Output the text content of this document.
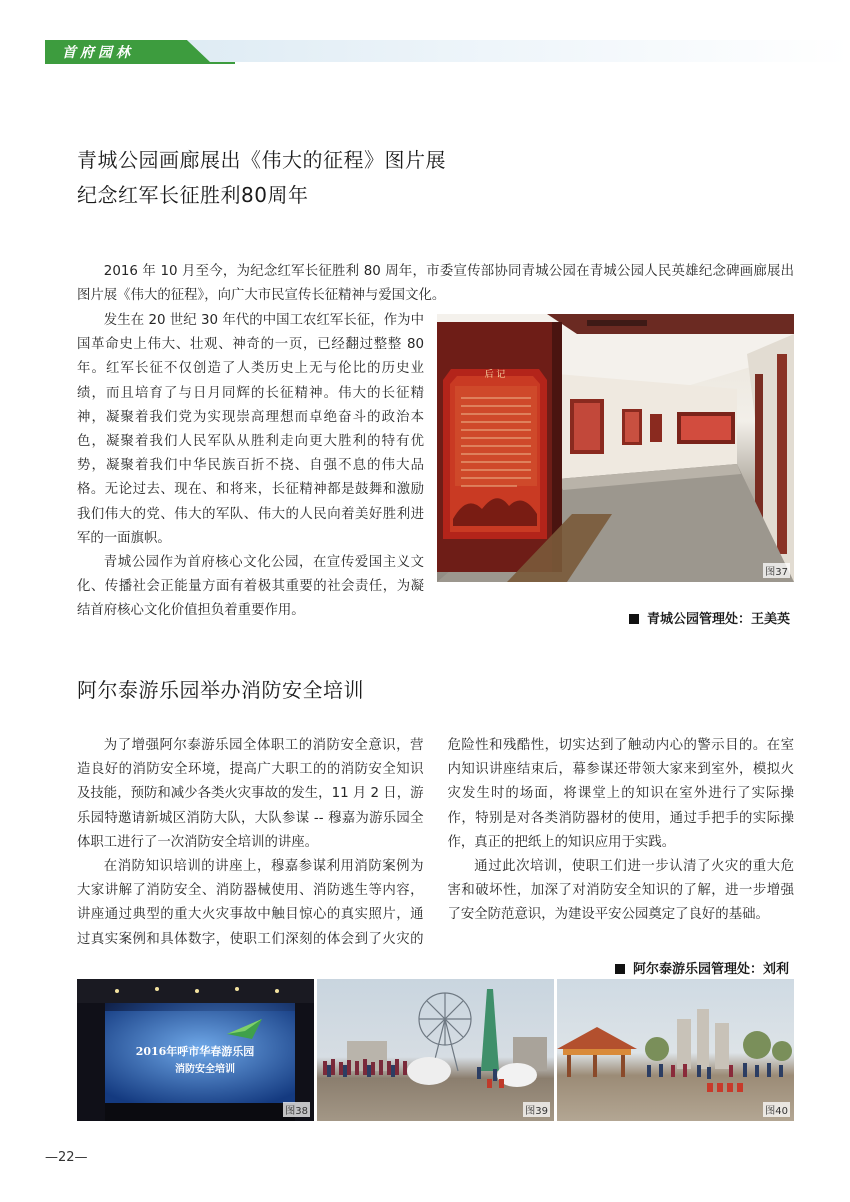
首府园林
青城公园画廊展出《伟大的征程》图片展
纪念红军长征胜利80周年

2016 年 10 月至今，为纪念红军长征胜利 80 周年，市委宣传部协同青城公园在青城公园人民英雄纪念碑画廊展出图片展《伟大的征程》，向广大市民宣传长征精神与爱国文化。

发生在 20 世纪 30 年代的中国工农红军长征，作为中国革命史上伟大、壮观、神奇的一页，已经翻过整整 80 年。红军长征不仅创造了人类历史上无与伦比的历史业绩，而且培育了与日月同辉的长征精神。伟大的长征精神，凝聚着我们党为实现崇高理想而卓绝奋斗的政治本色，凝聚着我们人民军队从胜利走向更大胜利的特有优势，凝聚着我们中华民族百折不挠、自强不息的伟大品格。无论过去、现在、和将来，长征精神都是鼓舞和激励我们伟大的党、伟大的军队、伟大的人民向着美好胜利进军的一面旗帜。

青城公园作为首府核心文化公园，在宣传爱国主义文化、传播社会正能量方面有着极其重要的社会责任，为凝结首府核心文化价值担负着重要作用。

后 记
图37
青城公园管理处：王美英
阿尔泰游乐园举办消防安全培训

为了增强阿尔泰游乐园全体职工的消防安全意识，营造良好的消防安全环境，提高广大职工的的消防安全知识及技能，预防和减少各类火灾事故的发生，11 月 2 日，游乐园特邀请新城区消防大队，大队参谋 -- 穆嘉为游乐园全体职工进行了一次消防安全培训的讲座。

在消防知识培训的讲座上，穆嘉参谋利用消防案例为大家讲解了消防安全、消防器械使用、消防逃生等内容，讲座通过典型的重大火灾事故中触目惊心的真实照片，通过真实案例和具体数字，使职工们深刻的体会到了火灾的危险性和残酷性，切实达到了触动内心的警示目的。在室内知识讲座结束后，幕参谋还带领大家来到室外，模拟火灾发生时的场面，将课堂上的知识在室外进行了实际操作，特别是对各类消防器材的使用，通过手把手的实际操作，真正的把纸上的知识应用于实践。

通过此次培训，使职工们进一步认清了火灾的重大危害和破坏性，加深了对消防安全知识的了解，进一步增强了安全防范意识，为建设平安公园奠定了良好的基础。

阿尔泰游乐园管理处：刘利
2016年呼市华春游乐园
消防安全培训
图38	图39	图40
—22—
